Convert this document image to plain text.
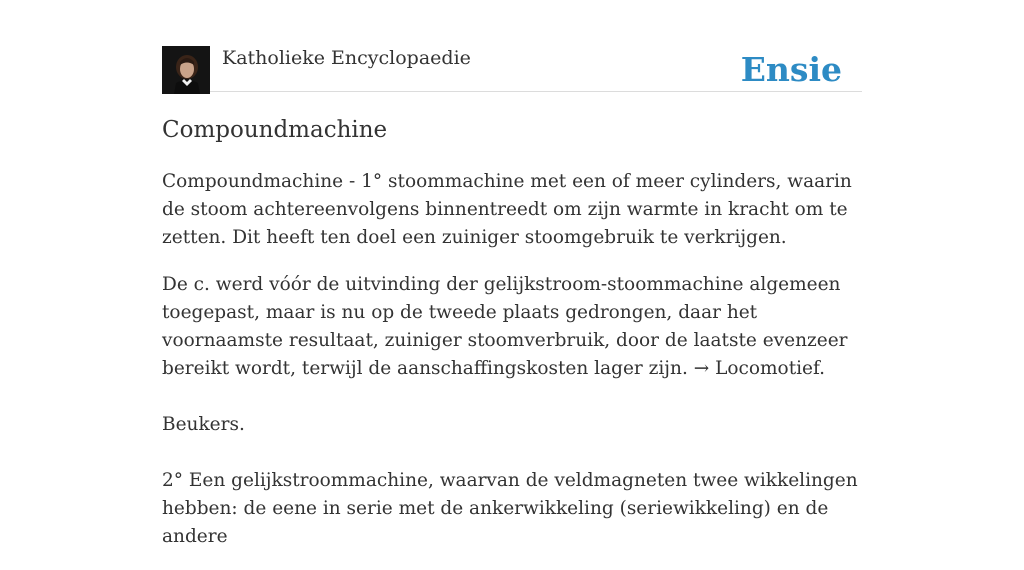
Katholieke Encyclopaedie	Ensie
Compoundmachine

Compoundmachine - 1° stoommachine met een of meer cylinders, waarin de stoom achtereenvolgens binnentreedt om zijn warmte in kracht om te zetten. Dit heeft ten doel een zuiniger stoomgebruik te verkrijgen.

De c. werd vóór de uitvinding der gelijkstroom-stoommachine algemeen toegepast, maar is nu op de tweede plaats gedrongen, daar het voornaamste resultaat, zuiniger stoomverbruik, door de laatste evenzeer bereikt wordt, terwijl de aanschaffingskosten lager zijn. → Locomotief.

Beukers.

2° Een gelijkstroommachine, waarvan de veldmagneten twee wikkelingen hebben: de eene in serie met de ankerwikkeling (seriewikkeling) en de andere
